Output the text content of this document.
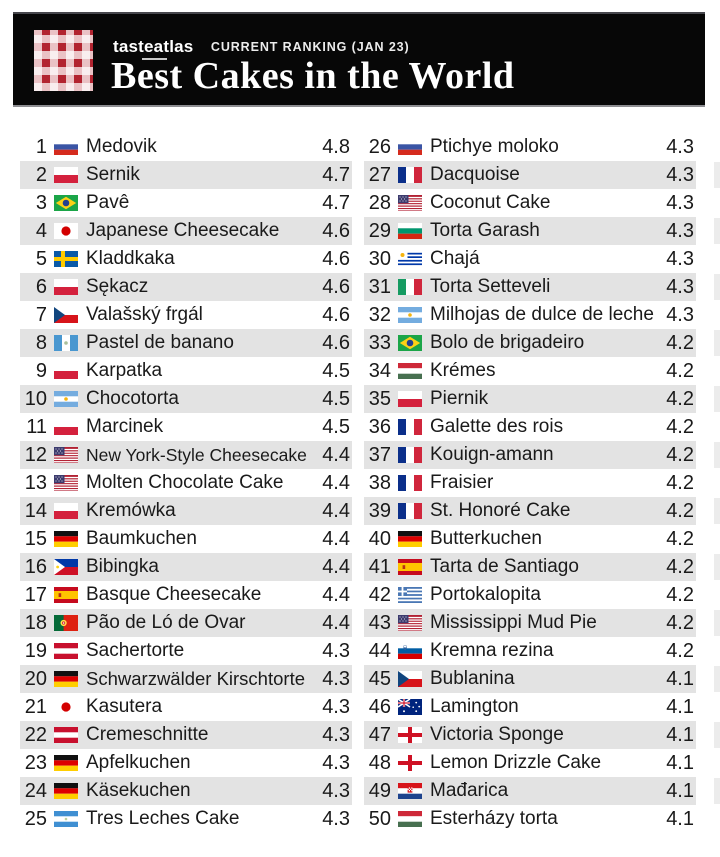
tasteatlas CURRENT RANKING (JAN 23)
Best Cakes in the World
1 Medovik	4.8
2 Sernik	4.7
3 Pavê	4.7
4 Japanese Cheesecake	4.6
5 Kladdkaka	4.6
6 Sękacz	4.6
7 Valašský frgál	4.6
8 Pastel de banano	4.6
9 Karpatka	4.5
10 Chocotorta	4.5
11 Marcinek	4.5
12 New York-Style Cheesecake 4.4
13 Molten Chocolate Cake	4.4
14 Kremówka	4.4
15 Baumkuchen	4.4
16 Bibingka	4.4
17 Basque Cheesecake	4.4
18 Pão de Ló de Ovar	4.4
19 Sachertorte	4.3
20 Schwarzwälder Kirschtorte 4.3
21 Kasutera	4.3
22 Cremeschnitte	4.3
23 Apfelkuchen	4.3
24 Käsekuchen	4.3
25 Tres Leches Cake	4.3
26 Ptichye moloko	4.3
27 Dacquoise	4.3
28 Coconut Cake	4.3
29 Torta Garash	4.3
30 Chajá	4.3
31 Torta Setteveli	4.3
32 Milhojas de dulce de leche 4.3
33 Bolo de brigadeiro	4.2
34 Krémes	4.2
35 Piernik	4.2
36 Galette des rois	4.2
37 Kouign-amann	4.2
38 Fraisier	4.2
39 St. Honoré Cake	4.2
40 Butterkuchen	4.2
41 Tarta de Santiago	4.2
42 Portokalopita	4.2
43 Mississippi Mud Pie	4.2
44 Kremna rezina	4.2
45 Bublanina	4.1
46 Lamington	4.1
47 Victoria Sponge	4.1
48 Lemon Drizzle Cake	4.1
49 Mađarica	4.1
50 Esterházy torta	4.1
